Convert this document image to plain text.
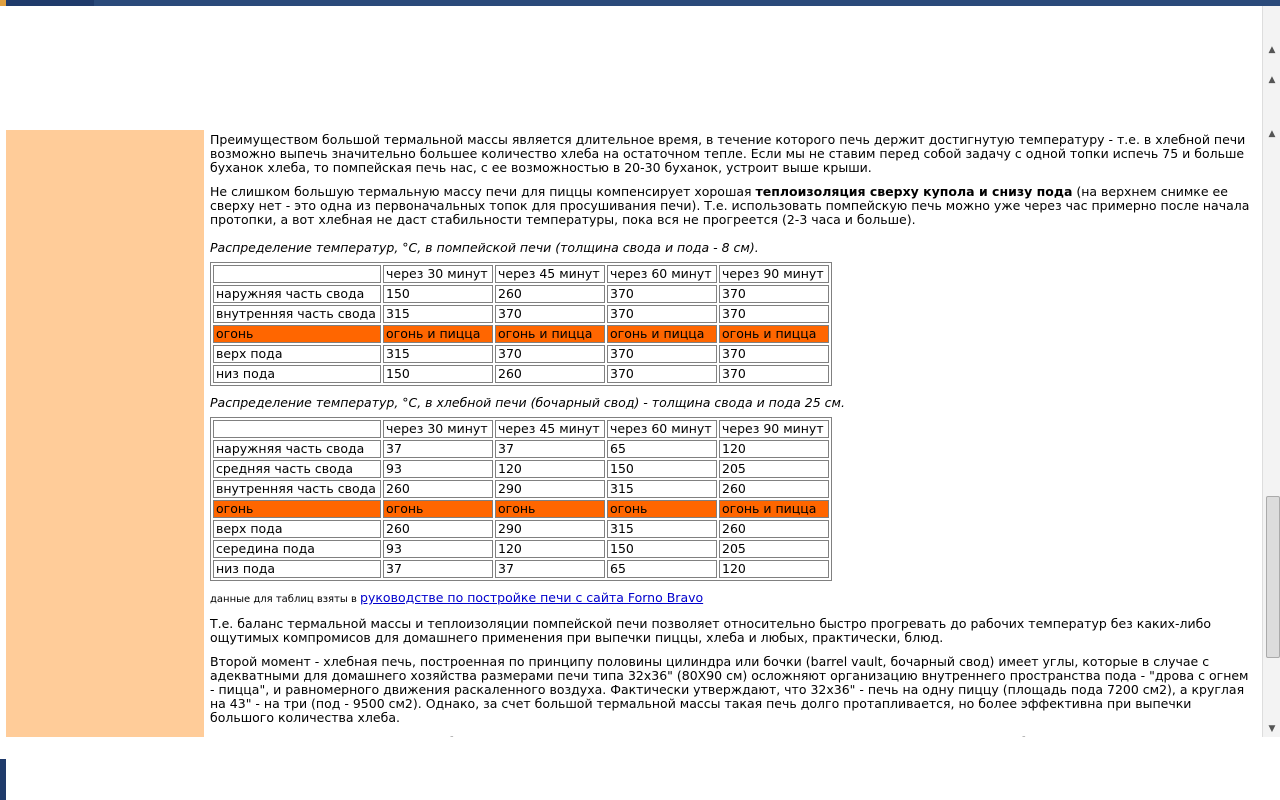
Преимуществом большой термальной массы является длительное время, в течение которого печь держит достигнутую температуру - т.е. в хлебной печи возможно выпечь значительно большее количество хлеба на остаточном тепле. Если мы не ставим перед собой задачу с одной топки испечь 75 и больше буханок хлеба, то помпейская печь нас, с ее возможностью в 20-30 буханок, устроит выше крыши.

Не слишком большую термальную массу печи для пиццы компенсирует хорошая теплоизоляция сверху купола и снизу пода (на верхнем снимке ее сверху нет - это одна из первоначальных топок для просушивания печи). Т.е. использовать помпейскую печь можно уже через час примерно после начала протопки, а вот хлебная не даст стабильности температуры, пока вся не прогреется (2-3 часа и больше).

Распределение температур, °C, в помпейской печи (толщина свода и пода - 8 см).
	через 30 минут	через 45 минут	через 60 минут	через 90 минут
наружняя часть свода	150	260	370	370
внутренняя часть свода	315	370	370	370
огонь	огонь и пицца	огонь и пицца	огонь и пицца	огонь и пицца
верх пода	315	370	370	370
низ пода	150	260	370	370
Распределение температур, °C, в хлебной печи (бочарный свод) - толщина свода и пода 25 см.
	через 30 минут	через 45 минут	через 60 минут	через 90 минут
наружняя часть свода	37	37	65	120
средняя часть свода	93	120	150	205
внутренняя часть свода	260	290	315	260
огонь	огонь	огонь	огонь	огонь и пицца
верх пода	260	290	315	260
середина пода	93	120	150	205
низ пода	37	37	65	120
данные для таблиц взяты в руководстве по постройке печи с сайта Forno Bravo

Т.е. баланс термальной массы и теплоизоляции помпейской печи позволяет относительно быстро прогревать до рабочих температур без каких-либо ощутимых компромисов для домашнего применения при выпечки пиццы, хлеба и любых, практически, блюд.

Второй момент - хлебная печь, построенная по принципу половины цилиндра или бочки (barrel vault, бочарный свод) имеет углы, которые в случае с адекватными для домашнего хозяйства размерами печи типа 32x36" (80X90 см) осложняют организацию внутреннего пространства пода - "дрова с огнем - пицца", и равномерного движения раскаленного воздуха. Фактически утверждают, что 32x36" - печь на одну пиццу (площадь пода 7200 см2), а круглая на 43" - на три (под - 9500 см2). Однако, за счет большой термальной массы такая печь долго протапливается, но более эффективна при выпечки большого количества хлеба.

▲
▲
▲
▼
